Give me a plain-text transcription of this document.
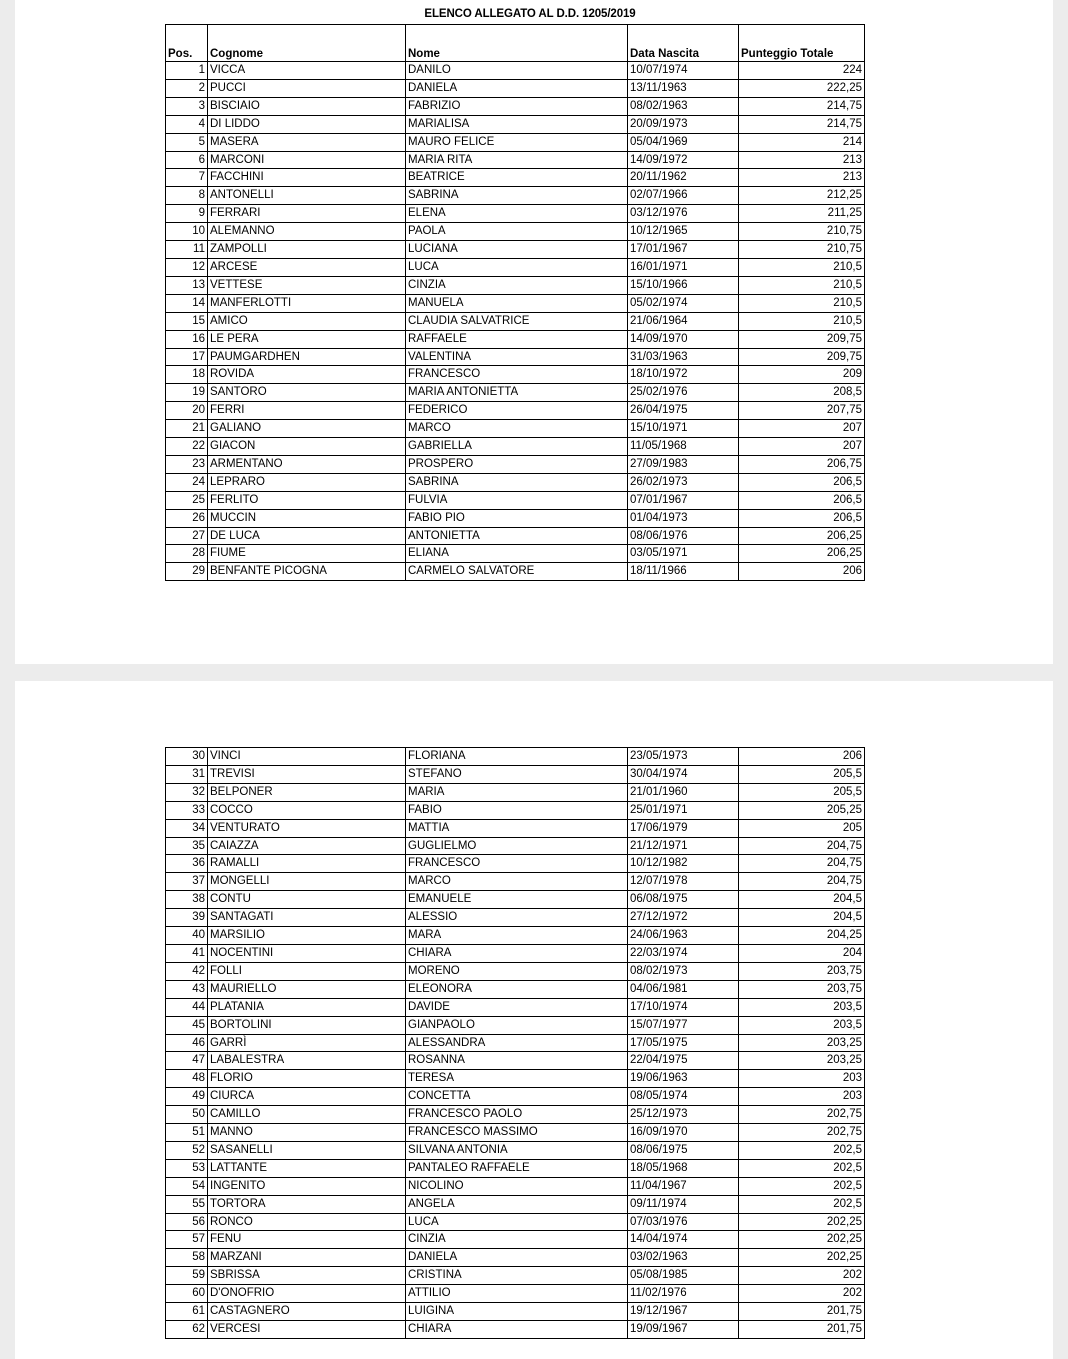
ELENCO ALLEGATO AL D.D. 1205/2019
Pos.	Cognome	Nome	Data Nascita	Punteggio Totale
1	VICCA	DANILO	10/07/1974	224
2	PUCCI	DANIELA	13/11/1963	222,25
3	BISCIAIO	FABRIZIO	08/02/1963	214,75
4	DI LIDDO	MARIALISA	20/09/1973	214,75
5	MASERA	MAURO FELICE	05/04/1969	214
6	MARCONI	MARIA RITA	14/09/1972	213
7	FACCHINI	BEATRICE	20/11/1962	213
8	ANTONELLI	SABRINA	02/07/1966	212,25
9	FERRARI	ELENA	03/12/1976	211,25
10	ALEMANNO	PAOLA	10/12/1965	210,75
11	ZAMPOLLI	LUCIANA	17/01/1967	210,75
12	ARCESE	LUCA	16/01/1971	210,5
13	VETTESE	CINZIA	15/10/1966	210,5
14	MANFERLOTTI	MANUELA	05/02/1974	210,5
15	AMICO	CLAUDIA SALVATRICE	21/06/1964	210,5
16	LE PERA	RAFFAELE	14/09/1970	209,75
17	PAUMGARDHEN	VALENTINA	31/03/1963	209,75
18	ROVIDA	FRANCESCO	18/10/1972	209
19	SANTORO	MARIA ANTONIETTA	25/02/1976	208,5
20	FERRI	FEDERICO	26/04/1975	207,75
21	GALIANO	MARCO	15/10/1971	207
22	GIACON	GABRIELLA	11/05/1968	207
23	ARMENTANO	PROSPERO	27/09/1983	206,75
24	LEPRARO	SABRINA	26/02/1973	206,5
25	FERLITO	FULVIA	07/01/1967	206,5
26	MUCCIN	FABIO PIO	01/04/1973	206,5
27	DE LUCA	ANTONIETTA	08/06/1976	206,25
28	FIUME	ELIANA	03/05/1971	206,25
29	BENFANTE PICOGNA	CARMELO SALVATORE	18/11/1966	206
30	VINCI	FLORIANA	23/05/1973	206
31	TREVISI	STEFANO	30/04/1974	205,5
32	BELPONER	MARIA	21/01/1960	205,5
33	COCCO	FABIO	25/01/1971	205,25
34	VENTURATO	MATTIA	17/06/1979	205
35	CAIAZZA	GUGLIELMO	21/12/1971	204,75
36	RAMALLI	FRANCESCO	10/12/1982	204,75
37	MONGELLI	MARCO	12/07/1978	204,75
38	CONTU	EMANUELE	06/08/1975	204,5
39	SANTAGATI	ALESSIO	27/12/1972	204,5
40	MARSILIO	MARA	24/06/1963	204,25
41	NOCENTINI	CHIARA	22/03/1974	204
42	FOLLI	MORENO	08/02/1973	203,75
43	MAURIELLO	ELEONORA	04/06/1981	203,75
44	PLATANIA	DAVIDE	17/10/1974	203,5
45	BORTOLINI	GIANPAOLO	15/07/1977	203,5
46	GARRÌ	ALESSANDRA	17/05/1975	203,25
47	LABALESTRA	ROSANNA	22/04/1975	203,25
48	FLORIO	TERESA	19/06/1963	203
49	CIURCA	CONCETTA	08/05/1974	203
50	CAMILLO	FRANCESCO PAOLO	25/12/1973	202,75
51	MANNO	FRANCESCO MASSIMO	16/09/1970	202,75
52	SASANELLI	SILVANA ANTONIA	08/06/1975	202,5
53	LATTANTE	PANTALEO RAFFAELE	18/05/1968	202,5
54	INGENITO	NICOLINO	11/04/1967	202,5
55	TORTORA	ANGELA	09/11/1974	202,5
56	RONCO	LUCA	07/03/1976	202,25
57	FENU	CINZIA	14/04/1974	202,25
58	MARZANI	DANIELA	03/02/1963	202,25
59	SBRISSA	CRISTINA	05/08/1985	202
60	D'ONOFRIO	ATTILIO	11/02/1976	202
61	CASTAGNERO	LUIGINA	19/12/1967	201,75
62	VERCESI	CHIARA	19/09/1967	201,75
